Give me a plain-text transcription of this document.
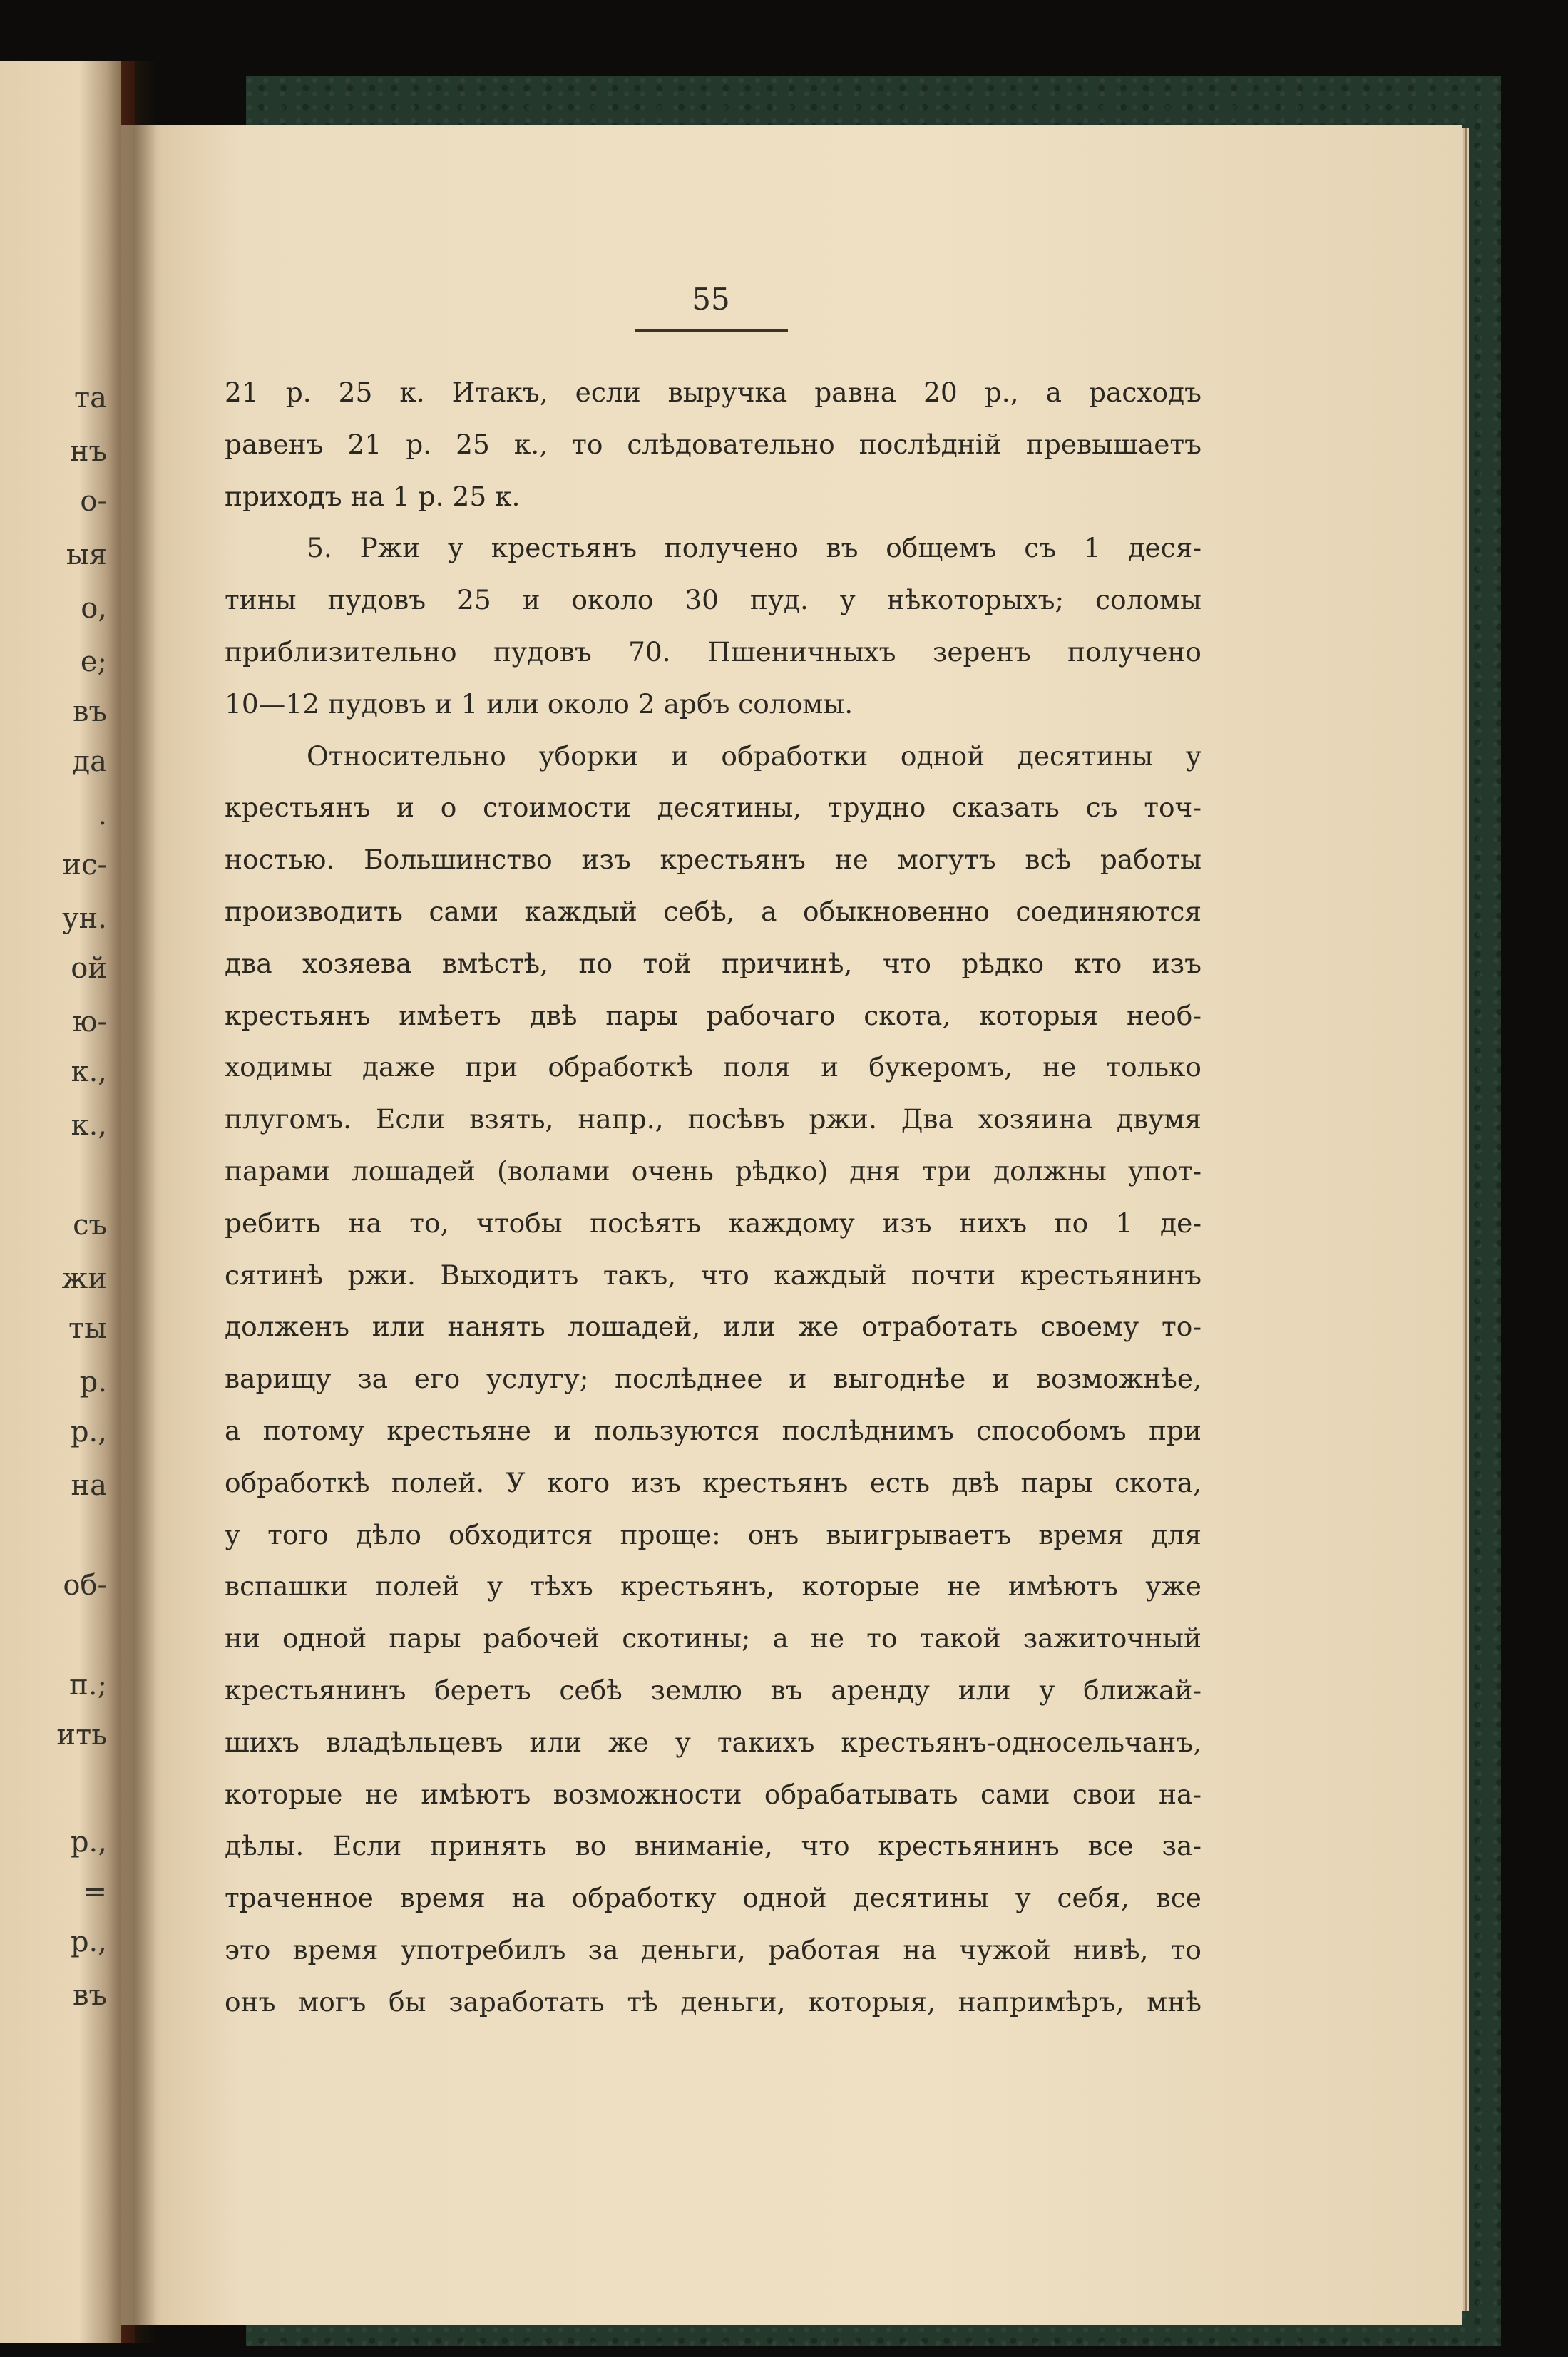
та
нъ
о-
ыя
о,
е;
въ
да
.
ис-
ун.
ой
ю-
к.,
к.,
съ
жи
ты
р.
р.,
на
об-
п.;
ить
р.,
=
р.,
въ
55
21 р. 25 к. Итакъ, если выручка равна 20 р., а расходъ
равенъ 21 р. 25 к., то слѣдовательно послѣдній превышаетъ
приходъ на 1 р. 25 к.
5. Ржи у крестьянъ получено въ общемъ съ 1 деся-
тины пудовъ 25 и около 30 пуд. у нѣкоторыхъ; соломы
приблизительно пудовъ 70. Пшеничныхъ зеренъ получено
10—12 пудовъ и 1 или около 2 арбъ соломы.
Относительно уборки и обработки одной десятины у
крестьянъ и о стоимости десятины, трудно сказать съ точ-
ностью. Большинство изъ крестьянъ не могутъ всѣ работы
производить сами каждый себѣ, а обыкновенно соединяются
два хозяева вмѣстѣ, по той причинѣ, что рѣдко кто изъ
крестьянъ имѣетъ двѣ пары рабочаго скота, которыя необ-
ходимы даже при обработкѣ поля и букеромъ, не только
плугомъ. Если взять, напр., посѣвъ ржи. Два хозяина двумя
парами лошадей (волами очень рѣдко) дня три должны упот-
ребить на то, чтобы посѣять каждому изъ нихъ по 1 де-
сятинѣ ржи. Выходитъ такъ, что каждый почти крестьянинъ
долженъ или нанять лошадей, или же отработать своему то-
варищу за его услугу; послѣднее и выгоднѣе и возможнѣе,
а потому крестьяне и пользуются послѣднимъ способомъ при
обработкѣ полей. У кого изъ крестьянъ есть двѣ пары скота,
у того дѣло обходится проще: онъ выигрываетъ время для
вспашки полей у тѣхъ крестьянъ, которые не имѣютъ уже
ни одной пары рабочей скотины; а не то такой зажиточный
крестьянинъ беретъ себѣ землю въ аренду или у ближай-
шихъ владѣльцевъ или же у такихъ крестьянъ-односельчанъ,
которые не имѣютъ возможности обрабатывать сами свои на-
дѣлы. Если принять во вниманіе, что крестьянинъ все за-
траченное время на обработку одной десятины у себя, все
это время употребилъ за деньги, работая на чужой нивѣ, то
онъ могъ бы заработать тѣ деньги, которыя, напримѣръ, мнѣ
